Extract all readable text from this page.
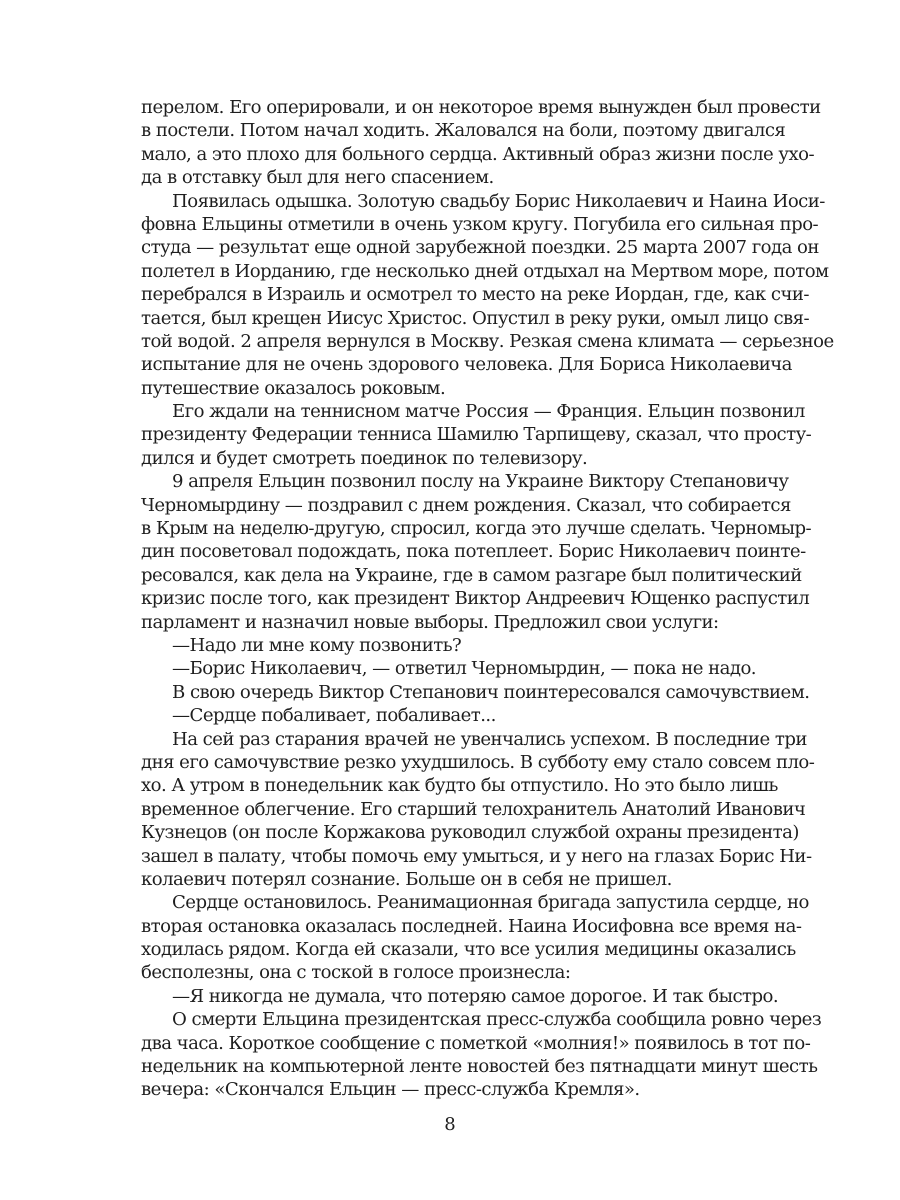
перелом. Его оперировали, и он некоторое время вынужден был провести
в постели. Потом начал ходить. Жаловался на боли, поэтому двигался
мало, а это плохо для больного сердца. Активный образ жизни после ухо-
да в отставку был для него спасением.
Появилась одышка. Золотую свадьбу Борис Николаевич и Наина Иоси-
фовна Ельцины отметили в очень узком кругу. Погубила его сильная про-
студа — результат еще одной зарубежной поездки. 25 марта 2007 года он
полетел в Иорданию, где несколько дней отдыхал на Мертвом море, потом
перебрался в Израиль и осмотрел то место на реке Иордан, где, как счи-
тается, был крещен Иисус Христос. Опустил в реку руки, омыл лицо свя-
той водой. 2 апреля вернулся в Москву. Резкая смена климата — серьезное
испытание для не очень здорового человека. Для Бориса Николаевича
путешествие оказалось роковым.
Его ждали на теннисном матче Россия — Франция. Ельцин позвонил
президенту Федерации тенниса Шамилю Тарпищеву, сказал, что просту-
дился и будет смотреть поединок по телевизору.
9 апреля Ельцин позвонил послу на Украине Виктору Степановичу
Черномырдину — поздравил с днем рождения. Сказал, что собирается
в Крым на неделю-другую, спросил, когда это лучше сделать. Черномыр-
дин посоветовал подождать, пока потеплеет. Борис Николаевич поинте-
ресовался, как дела на Украине, где в самом разгаре был политический
кризис после того, как президент Виктор Андреевич Ющенко распустил
парламент и назначил новые выборы. Предложил свои услуги:
—Надо ли мне кому позвонить?
—Борис Николаевич, — ответил Черномырдин, — пока не надо.
В свою очередь Виктор Степанович поинтересовался самочувствием.
—Сердце побаливает, побаливает...
На сей раз старания врачей не увенчались успехом. В последние три
дня его самочувствие резко ухудшилось. В субботу ему стало совсем пло-
хо. А утром в понедельник как будто бы отпустило. Но это было лишь
временное облегчение. Его старший телохранитель Анатолий Иванович
Кузнецов (он после Коржакова руководил службой охраны президента)
зашел в палату, чтобы помочь ему умыться, и у него на глазах Борис Ни-
колаевич потерял сознание. Больше он в себя не пришел.
Сердце остановилось. Реанимационная бригада запустила сердце, но
вторая остановка оказалась последней. Наина Иосифовна все время на-
ходилась рядом. Когда ей сказали, что все усилия медицины оказались
бесполезны, она с тоской в голосе произнесла:
—Я никогда не думала, что потеряю самое дорогое. И так быстро.
О смерти Ельцина президентская пресс-служба сообщила ровно через
два часа. Короткое сообщение с пометкой «молния!» появилось в тот по-
недельник на компьютерной ленте новостей без пятнадцати минут шесть
вечера: «Скончался Ельцин — пресс-служба Кремля».
8
